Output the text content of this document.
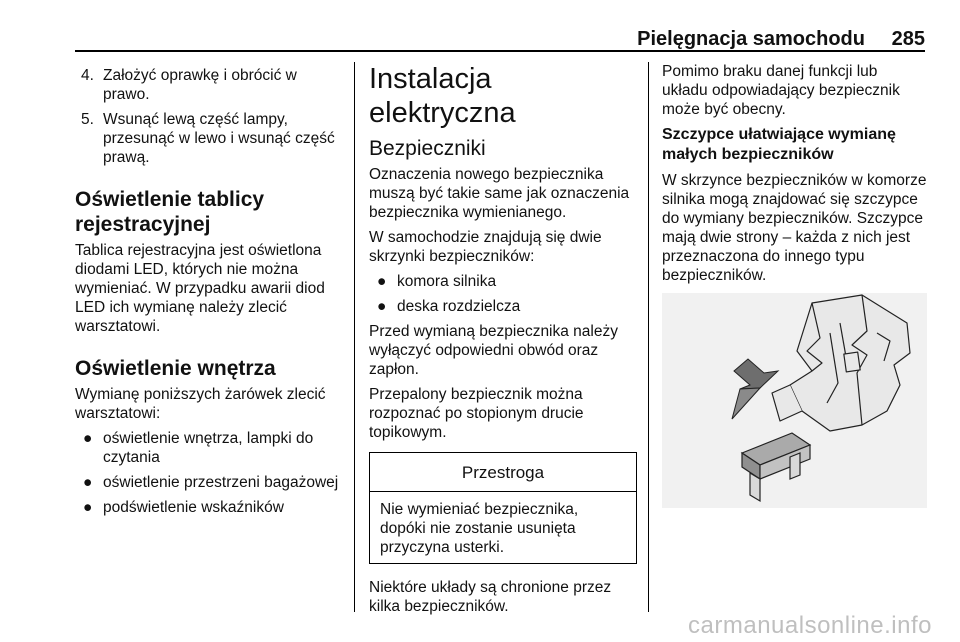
Pielęgnacja samochodu 285
4. Założyć oprawkę i obrócić w prawo.
5. Wsunąć lewą część lampy, przesunąć w lewo i wsunąć część prawą.
Oświetlenie tablicy rejestracyjnej

Tablica rejestracyjna jest oświetlona diodami LED, których nie można wymieniać. W przypadku awarii diod LED ich wymianę należy zlecić warsztatowi.

Oświetlenie wnętrza

Wymianę poniższych żarówek zlecić warsztatowi:

● oświetlenie wnętrza, lampki do czytania
● oświetlenie przestrzeni bagażowej
● podświetlenie wskaźników
Instalacja elektryczna
Bezpieczniki

Oznaczenia nowego bezpiecznika muszą być takie same jak oznaczenia bezpiecznika wymienianego.

W samochodzie znajdują się dwie skrzynki bezpieczników:

● komora silnika
● deska rozdzielcza

Przed wymianą bezpiecznika należy wyłączyć odpowiedni obwód oraz zapłon.

Przepalony bezpiecznik można rozpoznać po stopionym drucie topikowym.

Przestroga

Nie wymieniać bezpiecznika, dopóki nie zostanie usunięta przyczyna usterki.

Niektóre układy są chronione przez kilka bezpieczników.

Pomimo braku danej funkcji lub układu odpowiadający bezpiecznik może być obecny.

Szczypce ułatwiające wymianę małych bezpieczników

W skrzynce bezpieczników w komorze silnika mogą znajdować się szczypce do wymiany bezpieczników. Szczypce mają dwie strony – każda z nich jest przeznaczona do innego typu bezpieczników.

carmanualsonline.info
